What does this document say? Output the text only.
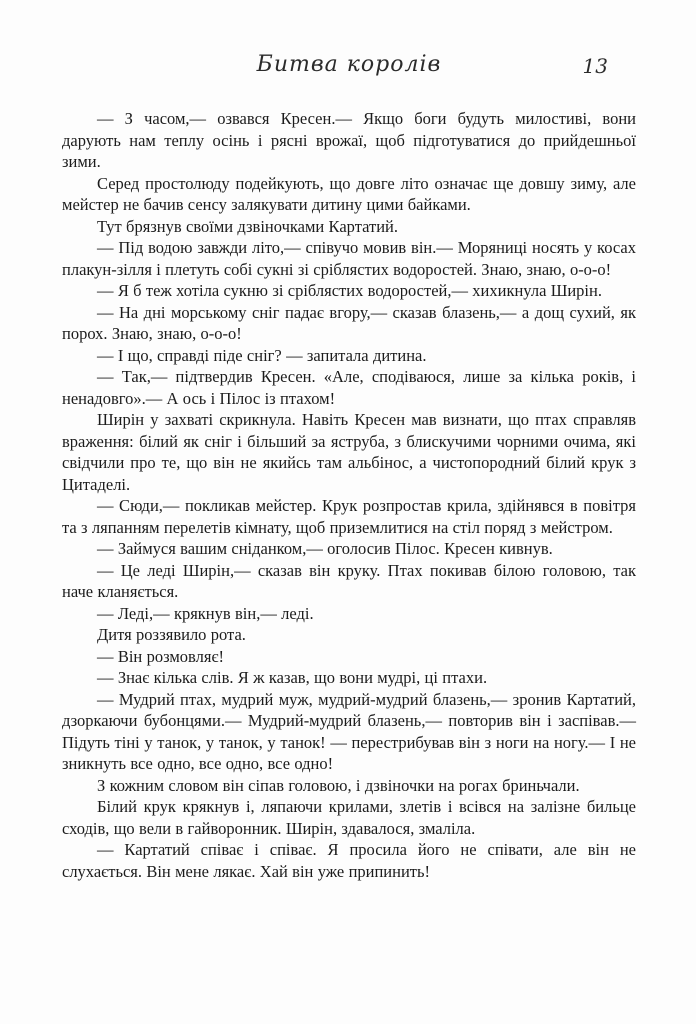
Битва королів	13

— З часом,— озвався Кресен.— Якщо боги будуть милостиві, вони дарують нам теплу осінь і рясні врожаї, щоб підготуватися до прийдешньої зими.

Серед простолюду подейкують, що довге літо означає ще довшу зиму, але мейстер не бачив сенсу залякувати дитину цими байками.

Тут брязнув своїми дзвіночками Картатий.

— Під водою завжди літо,— співучо мовив він.— Моряниці носять у косах плакун-зілля і плетуть собі сукні зі сріблястих водоростей. Знаю, знаю, о-о-о!

— Я б теж хотіла сукню зі сріблястих водоростей,— хихикнула Ширін.

— На дні морському сніг падає вгору,— сказав блазень,— а дощ сухий, як порох. Знаю, знаю, о-о-о!

— І що, справді піде сніг? — запитала дитина.

— Так,— підтвердив Кресен. «Але, сподіваюся, лише за кілька років, і ненадовго».— А ось і Пілос із птахом!

Ширін у захваті скрикнула. Навіть Кресен мав визнати, що птах справляв враження: білий як сніг і більший за яструба, з блискучими чорними очима, які свідчили про те, що він не якийсь там альбінос, а чистопородний білий крук з Цитаделі.

— Сюди,— покликав мейстер. Крук розпростав крила, здійнявся в повітря та з ляпанням перелетів кімнату, щоб приземлитися на стіл поряд з мейстром.

— Займуся вашим сніданком,— оголосив Пілос. Кресен кивнув.

— Це леді Ширін,— сказав він круку. Птах покивав білою головою, так наче кланяється.

— Леді,— крякнув він,— леді.

Дитя роззявило рота.

— Він розмовляє!

— Знає кілька слів. Я ж казав, що вони мудрі, ці птахи.

— Мудрий птах, мудрий муж, мудрий-мудрий блазень,— зронив Картатий, дзоркаючи бубонцями.— Мудрий-мудрий блазень,— повторив він і заспівав.— Підуть тіні у танок, у танок, у танок! — перестрибував він з ноги на ногу.— І не зникнуть все одно, все одно, все одно!

З кожним словом він сіпав головою, і дзвіночки на рогах бриньчали.

Білий крук крякнув і, ляпаючи крилами, злетів і всівся на залізне бильце сходів, що вели в гайворонник. Ширін, здавалося, змаліла.

— Картатий співає і співає. Я просила його не співати, але він не слухається. Він мене лякає. Хай він уже припинить!
